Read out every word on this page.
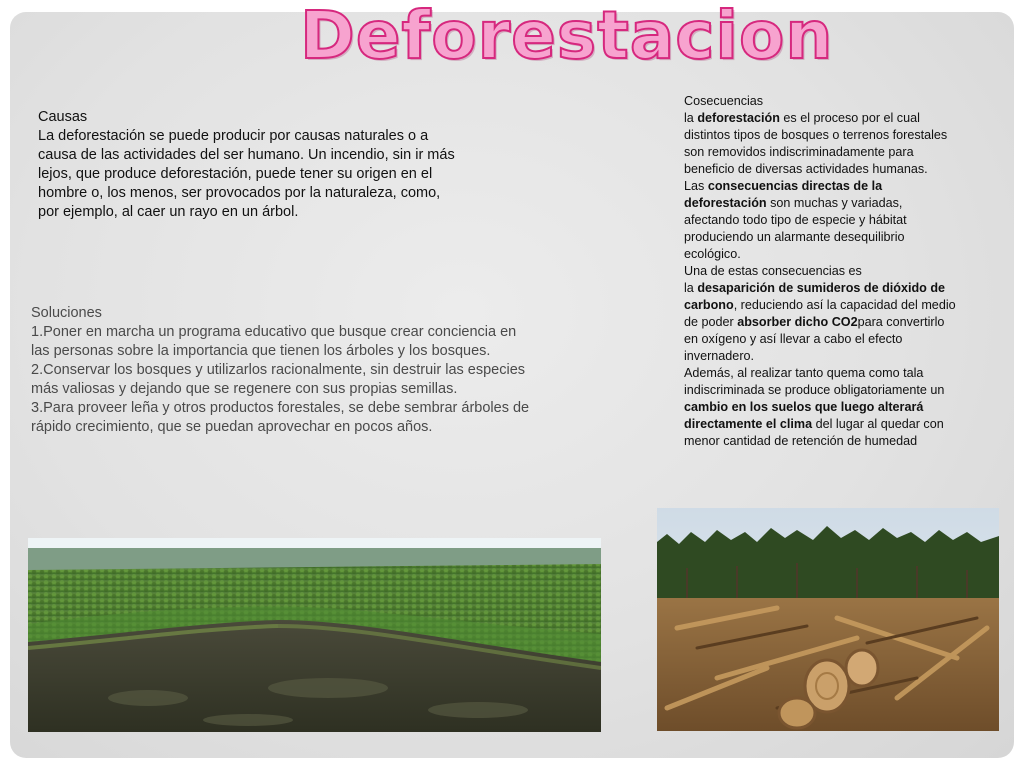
Deforestacion
Causas
La deforestación se puede producir por causas naturales o a causa de las actividades del ser humano. Un incendio, sin ir más lejos, que produce deforestación, puede tener su origen en el hombre o, los menos, ser provocados por la naturaleza, como, por ejemplo, al caer un rayo en un árbol.
Soluciones
1.Poner en marcha un programa educativo que busque crear conciencia en las personas sobre la importancia que tienen los árboles y los bosques.
2.Conservar los bosques y utilizarlos racionalmente, sin destruir las especies más valiosas y dejando que se regenere con sus propias semillas.
3.Para proveer leña y otros productos forestales, se debe sembrar árboles de rápido crecimiento, que se puedan aprovechar en pocos años.
Cosecuencias
la deforestación es el proceso por el cual distintos tipos de bosques o terrenos forestales son removidos indiscriminadamente para beneficio de diversas actividades humanas.
Las consecuencias directas de la deforestación son muchas y variadas, afectando todo tipo de especie y hábitat produciendo un alarmante desequilibrio ecológico.
Una de estas consecuencias es
la desaparición de sumideros de dióxido de carbono, reduciendo así la capacidad del medio de poder absorber dicho CO2para convertirlo en oxígeno y así llevar a cabo el efecto invernadero.
Además, al realizar tanto quema como tala indiscriminada se produce obligatoriamente un cambio en los suelos que luego alterará directamente el clima del lugar al quedar con menor cantidad de retención de humedad
